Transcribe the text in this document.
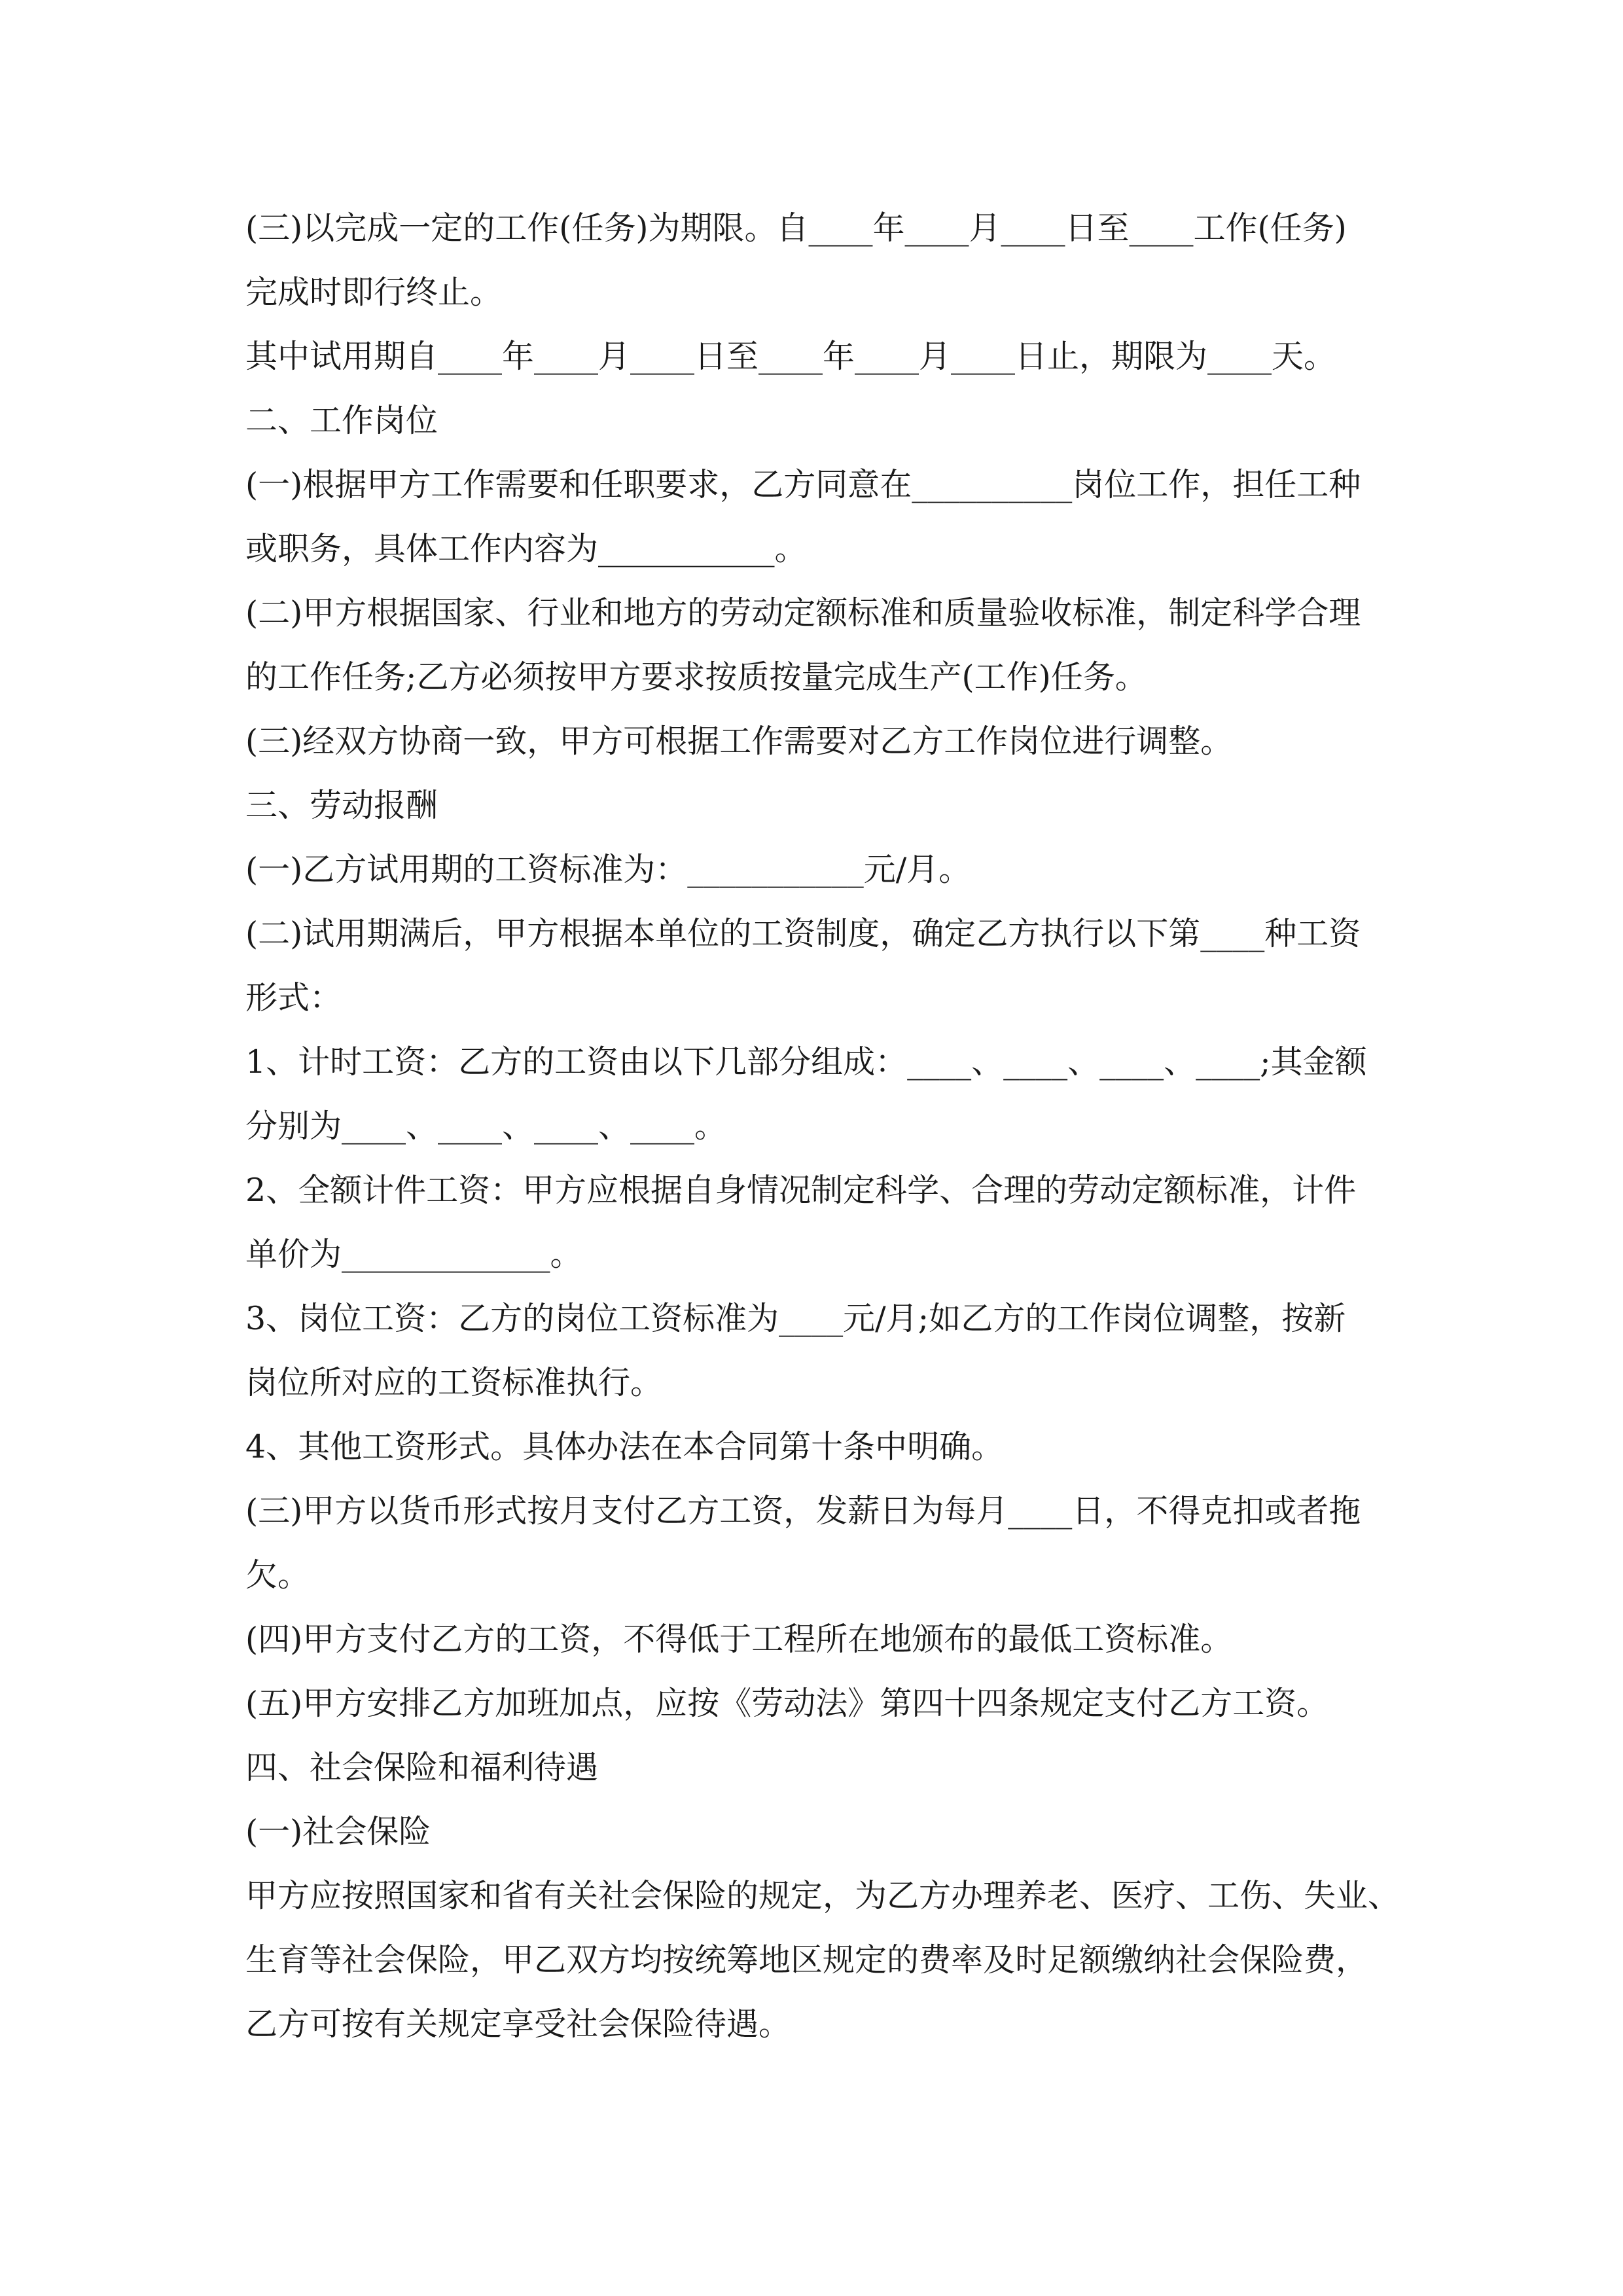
(三)以完成一定的工作(任务)为期限。自____年____月____日至____工作(任务)

完成时即行终止。

其中试用期自____年____月____日至____年____月____日止，期限为____天。

二、工作岗位

(一)根据甲方工作需要和任职要求，乙方同意在__________岗位工作，担任工种

或职务，具体工作内容为___________。

(二)甲方根据国家、行业和地方的劳动定额标准和质量验收标准，制定科学合理

的工作任务;乙方必须按甲方要求按质按量完成生产(工作)任务。

(三)经双方协商一致，甲方可根据工作需要对乙方工作岗位进行调整。

三、劳动报酬

(一)乙方试用期的工资标准为：___________元/月。

(二)试用期满后，甲方根据本单位的工资制度，确定乙方执行以下第____种工资

形式：

1、计时工资：乙方的工资由以下几部分组成：____、____、____、____;其金额

分别为____、____、____、____。

2、全额计件工资：甲方应根据自身情况制定科学、合理的劳动定额标准，计件

单价为_____________。

3、岗位工资：乙方的岗位工资标准为____元/月;如乙方的工作岗位调整，按新

岗位所对应的工资标准执行。

4、其他工资形式。具体办法在本合同第十条中明确。

(三)甲方以货币形式按月支付乙方工资，发薪日为每月____日，不得克扣或者拖

欠。

(四)甲方支付乙方的工资，不得低于工程所在地颁布的最低工资标准。

(五)甲方安排乙方加班加点，应按《劳动法》第四十四条规定支付乙方工资。

四、社会保险和福利待遇

(一)社会保险

甲方应按照国家和省有关社会保险的规定，为乙方办理养老、医疗、工伤、失业、

生育等社会保险，甲乙双方均按统筹地区规定的费率及时足额缴纳社会保险费，

乙方可按有关规定享受社会保险待遇。
